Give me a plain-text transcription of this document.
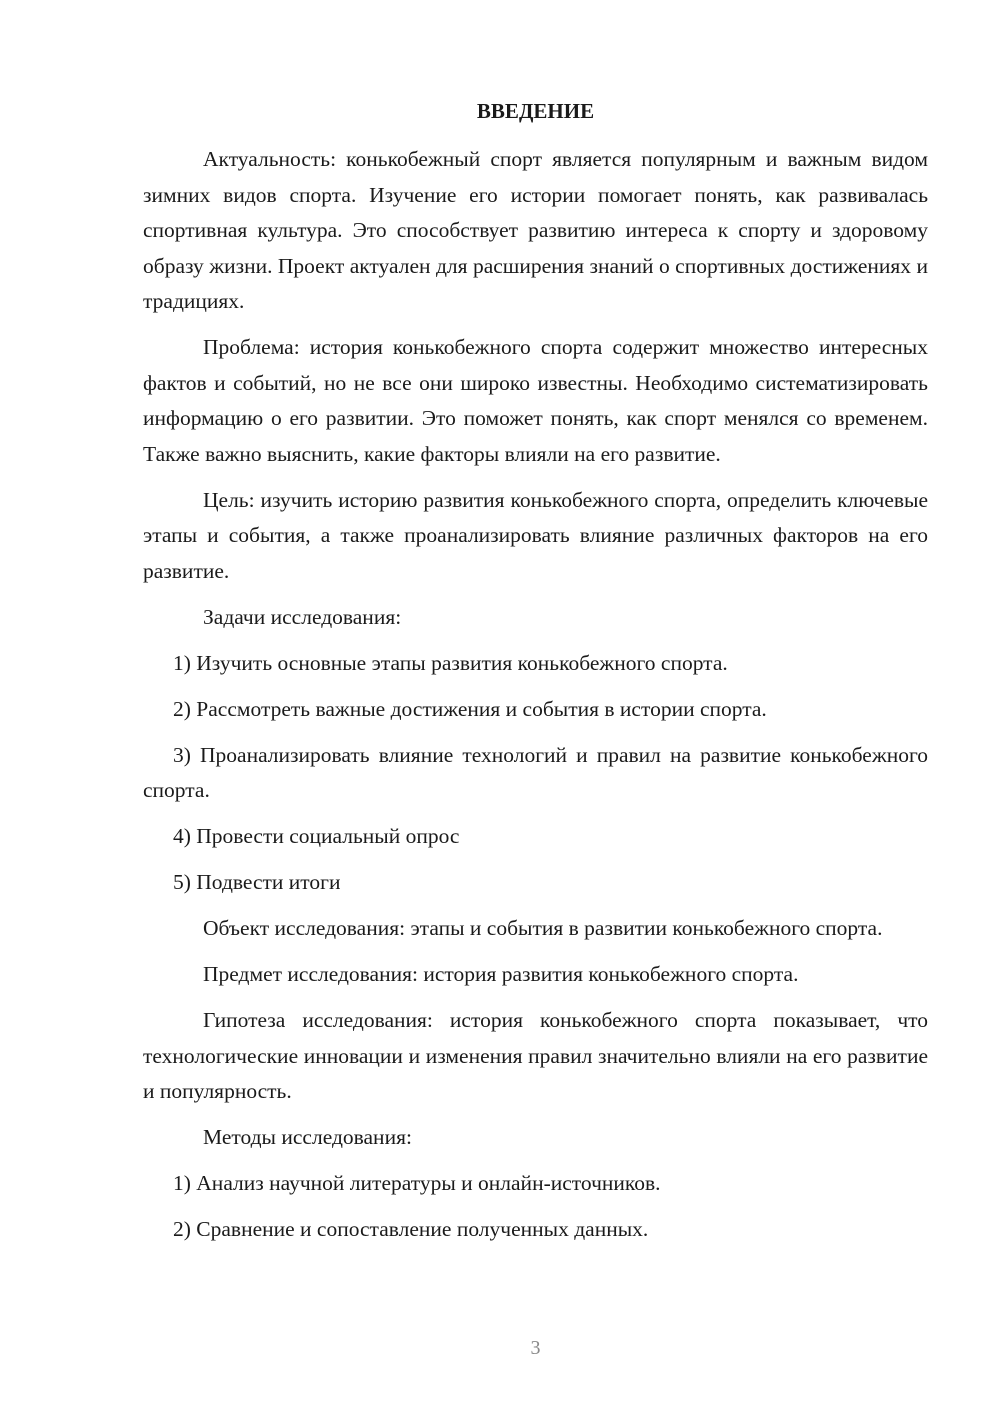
ВВЕДЕНИЕ

Актуальность: конькобежный спорт является популярным и важным видом зимних видов спорта. Изучение его истории помогает понять, как развивалась спортивная культура. Это способствует развитию интереса к спорту и здоровому образу жизни. Проект актуален для расширения знаний о спортивных достижениях и традициях.

Проблема: история конькобежного спорта содержит множество интересных фактов и событий, но не все они широко известны. Необходимо систематизировать информацию о его развитии. Это поможет понять, как спорт менялся со временем. Также важно выяснить, какие факторы влияли на его развитие.

Цель: изучить историю развития конькобежного спорта, определить ключевые этапы и события, а также проанализировать влияние различных факторов на его развитие.

Задачи исследования:

1) Изучить основные этапы развития конькобежного спорта.

2) Рассмотреть важные достижения и события в истории спорта.

3) Проанализировать влияние технологий и правил на развитие конькобежного спорта.

4) Провести социальный опрос

5) Подвести итоги

Объект исследования: этапы и события в развитии конькобежного спорта.

Предмет исследования: история развития конькобежного спорта.

Гипотеза исследования: история конькобежного спорта показывает, что технологические инновации и изменения правил значительно влияли на его развитие и популярность.

Методы исследования:

1) Анализ научной литературы и онлайн-источников.

2) Сравнение и сопоставление полученных данных.

3
